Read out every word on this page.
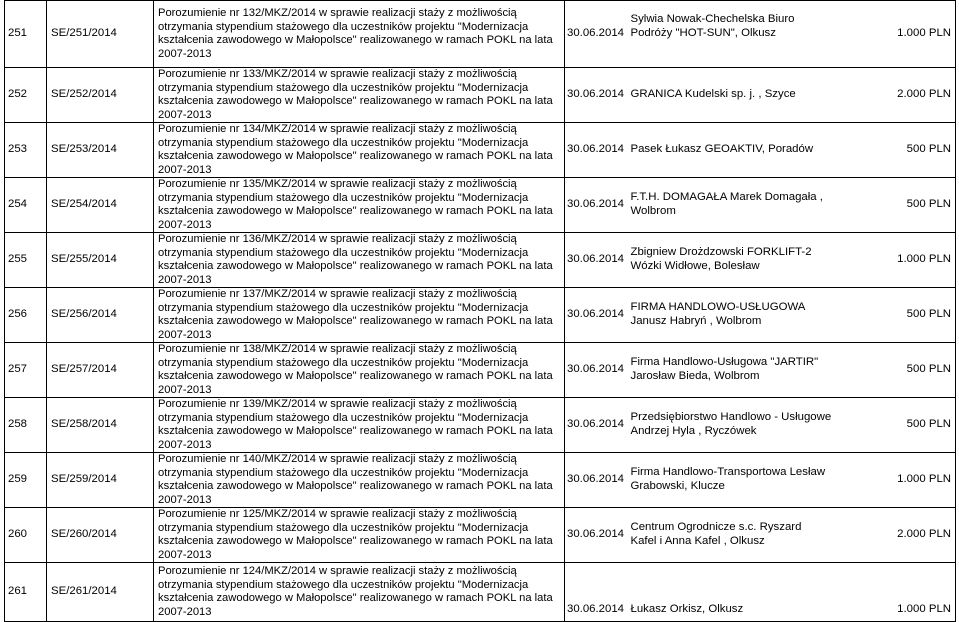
251	SE/251/2014	Porozumienie nr 132/MKZ/2014 w sprawie realizacji staży z możliwością
otrzymania stypendium stażowego dla uczestników projektu "Modernizacja
kształcenia zawodowego w Małopolsce" realizowanego w ramach POKL na lata
2007-2013	30.06.2014	Sylwia Nowak-Chechelska Biuro
Podróży "HOT-SUN", Olkusz	1.000 PLN
252	SE/252/2014	Porozumienie nr 133/MKZ/2014 w sprawie realizacji staży z możliwością
otrzymania stypendium stażowego dla uczestników projektu "Modernizacja
kształcenia zawodowego w Małopolsce" realizowanego w ramach POKL na lata
2007-2013	30.06.2014	GRANICA Kudelski sp. j. , Szyce	2.000 PLN
253	SE/253/2014	Porozumienie nr 134/MKZ/2014 w sprawie realizacji staży z możliwością
otrzymania stypendium stażowego dla uczestników projektu "Modernizacja
kształcenia zawodowego w Małopolsce" realizowanego w ramach POKL na lata
2007-2013	30.06.2014	Pasek Łukasz GEOAKTIV, Poradów	500 PLN
254	SE/254/2014	Porozumienie nr 135/MKZ/2014 w sprawie realizacji staży z możliwością
otrzymania stypendium stażowego dla uczestników projektu "Modernizacja
kształcenia zawodowego w Małopolsce" realizowanego w ramach POKL na lata
2007-2013	30.06.2014	F.T.H. DOMAGAŁA Marek Domagała ,
Wolbrom	500 PLN
255	SE/255/2014	Porozumienie nr 136/MKZ/2014 w sprawie realizacji staży z możliwością
otrzymania stypendium stażowego dla uczestników projektu "Modernizacja
kształcenia zawodowego w Małopolsce" realizowanego w ramach POKL na lata
2007-2013	30.06.2014	Zbigniew Drożdzowski FORKLIFT-2
Wózki Widłowe, Bolesław	1.000 PLN
256	SE/256/2014	Porozumienie nr 137/MKZ/2014 w sprawie realizacji staży z możliwością
otrzymania stypendium stażowego dla uczestników projektu "Modernizacja
kształcenia zawodowego w Małopolsce" realizowanego w ramach POKL na lata
2007-2013	30.06.2014	FIRMA HANDLOWO-USŁUGOWA
Janusz Habryń , Wolbrom	500 PLN
257	SE/257/2014	Porozumienie nr 138/MKZ/2014 w sprawie realizacji staży z możliwością
otrzymania stypendium stażowego dla uczestników projektu "Modernizacja
kształcenia zawodowego w Małopolsce" realizowanego w ramach POKL na lata
2007-2013	30.06.2014	Firma Handlowo-Usługowa "JARTIR"
Jarosław Bieda, Wolbrom	500 PLN
258	SE/258/2014	Porozumienie nr 139/MKZ/2014 w sprawie realizacji staży z możliwością
otrzymania stypendium stażowego dla uczestników projektu "Modernizacja
kształcenia zawodowego w Małopolsce" realizowanego w ramach POKL na lata
2007-2013	30.06.2014	Przedsiębiorstwo Handlowo - Usługowe
Andrzej Hyla , Ryczówek	500 PLN
259	SE/259/2014	Porozumienie nr 140/MKZ/2014 w sprawie realizacji staży z możliwością
otrzymania stypendium stażowego dla uczestników projektu "Modernizacja
kształcenia zawodowego w Małopolsce" realizowanego w ramach POKL na lata
2007-2013	30.06.2014	Firma Handlowo-Transportowa Lesław
Grabowski, Klucze	1.000 PLN
260	SE/260/2014	Porozumienie nr 125/MKZ/2014 w sprawie realizacji staży z możliwością
otrzymania stypendium stażowego dla uczestników projektu "Modernizacja
kształcenia zawodowego w Małopolsce" realizowanego w ramach POKL na lata
2007-2013	30.06.2014	Centrum Ogrodnicze s.c. Ryszard
Kafel i Anna Kafel , Olkusz	2.000 PLN
261	SE/261/2014	Porozumienie nr 124/MKZ/2014 w sprawie realizacji staży z możliwością
otrzymania stypendium stażowego dla uczestników projektu "Modernizacja
kształcenia zawodowego w Małopolsce" realizowanego w ramach POKL na lata
2007-2013	30.06.2014	Łukasz Orkisz, Olkusz	1.000 PLN
